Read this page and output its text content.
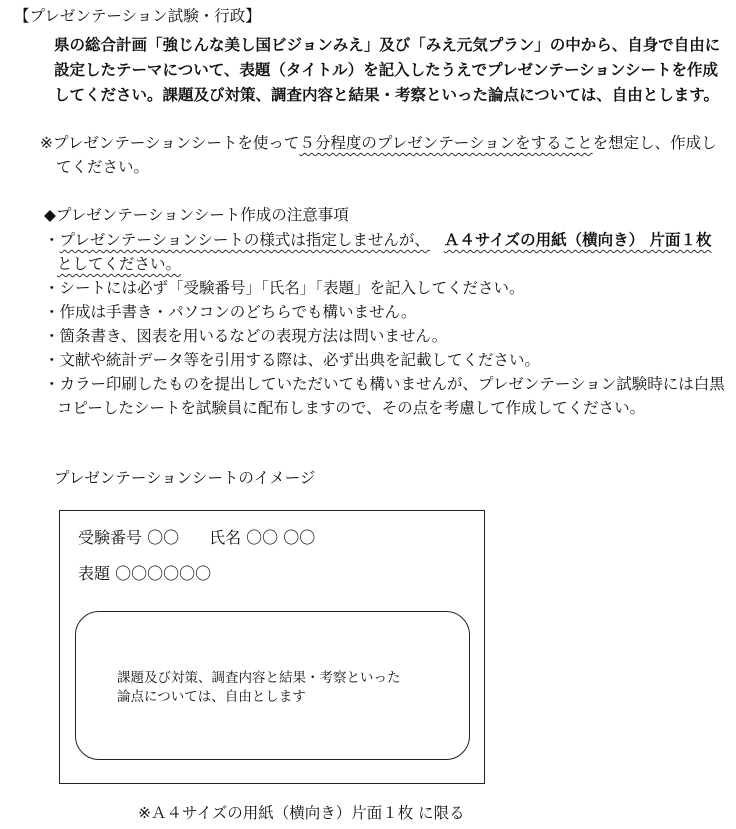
【プレゼンテーション試験・行政】
県の総合計画「強じんな美し国ビジョンみえ」及び「みえ元気プラン」の中から、自身で自由に
設定したテーマについて、表題（タイトル）を記入したうえでプレゼンテーションシートを作成
してください。課題及び対策、調査内容と結果・考察といった論点については、自由とします。
※プレゼンテーションシートを使って５分程度のプレゼンテーションをすることを想定し、作成し
てください。
◆プレゼンテーションシート作成の注意事項
・プレゼンテーションシートの様式は指定しませんが、 Ａ４サイズの用紙（横向き） 片面１枚
としてください。
・シートには必ず「受験番号」「氏名」「表題」を記入してください。
・作成は手書き・パソコンのどちらでも構いません。
・箇条書き、図表を用いるなどの表現方法は問いません。
・文献や統計データ等を引用する際は、必ず出典を記載してください。
・カラー印刷したものを提出していただいても構いませんが、プレゼンテーション試験時には白黒
コピーしたシートを試験員に配布しますので、その点を考慮して作成してください。
プレゼンテーションシートのイメージ
受験番号 〇〇 氏名 〇〇 〇〇
表題 〇〇〇〇〇〇
課題及び対策、調査内容と結果・考察といった
論点については、自由とします
※Ａ４サイズの用紙（横向き）片面１枚 に限る
